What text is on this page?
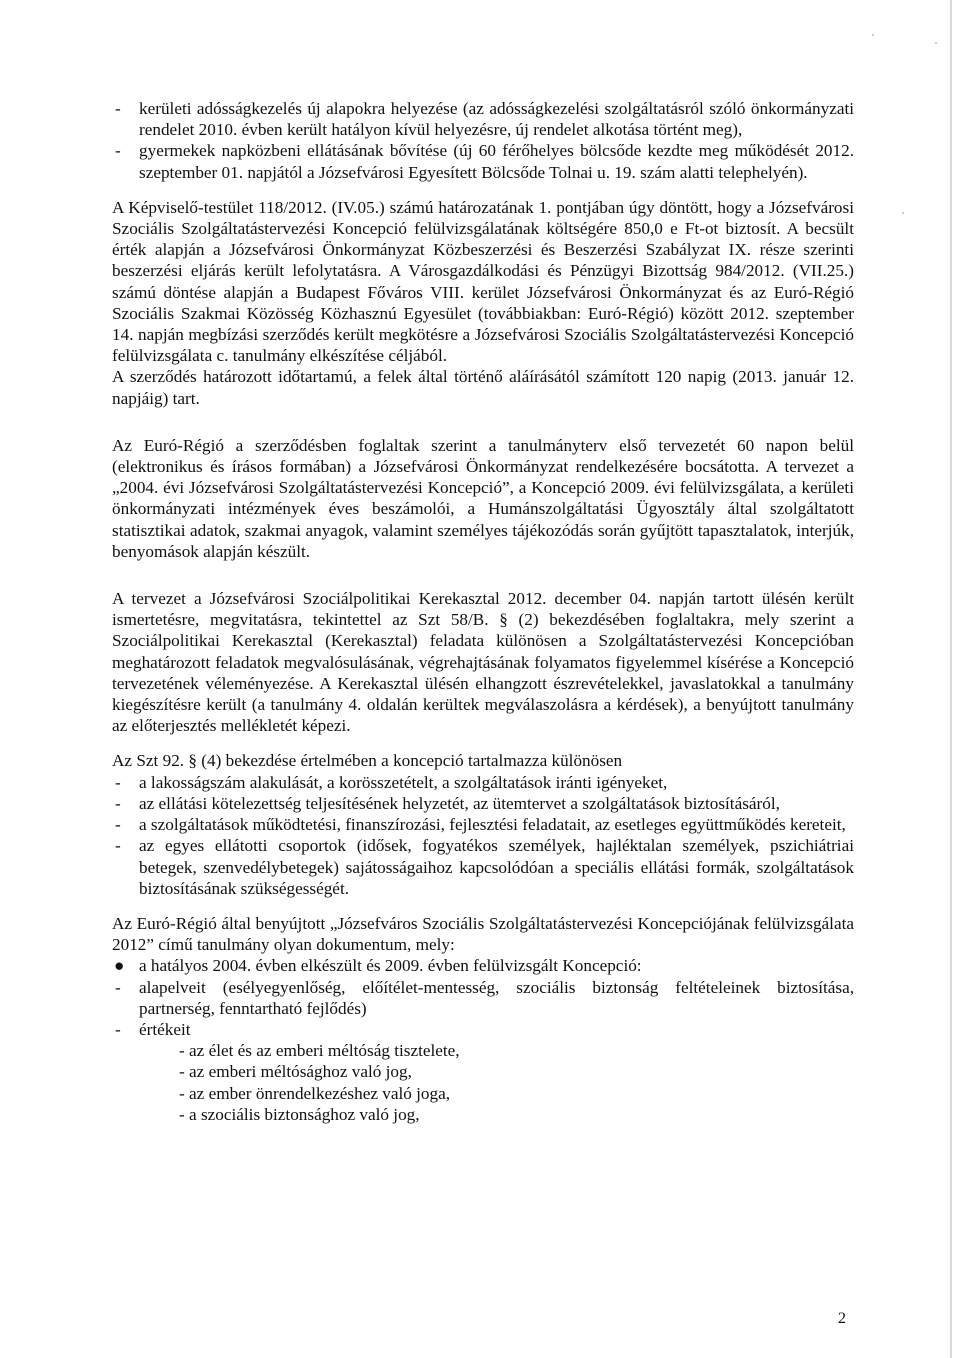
- kerületi adósságkezelés új alapokra helyezése (az adósságkezelési szolgáltatásról szóló önkormányzati rendelet 2010. évben került hatályon kívül helyezésre, új rendelet alkotása történt meg),
- gyermekek napközbeni ellátásának bővítése (új 60 férőhelyes bölcsőde kezdte meg működését 2012. szeptember 01. napjától a Józsefvárosi Egyesített Bölcsőde Tolnai u. 19. szám alatti telephelyén).

A Képviselő-testület 118/2012. (IV.05.) számú határozatának 1. pontjában úgy döntött, hogy a Józsefvárosi Szociális Szolgáltatástervezési Koncepció felülvizsgálatának költségére 850,0 e Ft-ot biztosít. A becsült érték alapján a Józsefvárosi Önkormányzat Közbeszerzési és Beszerzési Szabályzat IX. része szerinti beszerzési eljárás került lefolytatásra. A Városgazdálkodási és Pénzügyi Bizottság 984/2012. (VII.25.) számú döntése alapján a Budapest Főváros VIII. kerület Józsefvárosi Önkormányzat és az Euró-Régió Szociális Szakmai Közösség Közhasznú Egyesület (továbbiakban: Euró-Régió) között 2012. szeptember 14. napján megbízási szerződés került megkötésre a Józsefvárosi Szociális Szolgáltatástervezési Koncepció felülvizsgálata c. tanulmány elkészítése céljából.

A szerződés határozott időtartamú, a felek által történő aláírásától számított 120 napig (2013. január 12. napjáig) tart.

Az Euró-Régió a szerződésben foglaltak szerint a tanulmányterv első tervezetét 60 napon belül (elektronikus és írásos formában) a Józsefvárosi Önkormányzat rendelkezésére bocsátotta. A tervezet a „2004. évi Józsefvárosi Szolgáltatástervezési Koncepció”, a Koncepció 2009. évi felülvizsgálata, a kerületi önkormányzati intézmények éves beszámolói, a Humánszolgáltatási Ügyosztály által szolgáltatott statisztikai adatok, szakmai anyagok, valamint személyes tájékozódás során gyűjtött tapasztalatok, interjúk, benyomások alapján készült.

A tervezet a Józsefvárosi Szociálpolitikai Kerekasztal 2012. december 04. napján tartott ülésén került ismertetésre, megvitatásra, tekintettel az Szt 58/B. § (2) bekezdésében foglaltakra, mely szerint a Szociálpolitikai Kerekasztal (Kerekasztal) feladata különösen a Szolgáltatástervezési Koncepcióban meghatározott feladatok megvalósulásának, végrehajtásának folyamatos figyelemmel kísérése a Koncepció tervezetének véleményezése. A Kerekasztal ülésén elhangzott észrevételekkel, javaslatokkal a tanulmány kiegészítésre került (a tanulmány 4. oldalán kerültek megválaszolásra a kérdések), a benyújtott tanulmány az előterjesztés mellékletét képezi.

Az Szt 92. § (4) bekezdése értelmében a koncepció tartalmazza különösen

- a lakosságszám alakulását, a korösszetételt, a szolgáltatások iránti igényeket,
- az ellátási kötelezettség teljesítésének helyzetét, az ütemtervet a szolgáltatások biztosításáról,
- a szolgáltatások működtetési, finanszírozási, fejlesztési feladatait, az esetleges együttműködés kereteit,
- az egyes ellátotti csoportok (idősek, fogyatékos személyek, hajléktalan személyek, pszichiátriai betegek, szenvedélybetegek) sajátosságaihoz kapcsolódóan a speciális ellátási formák, szolgáltatások biztosításának szükségességét.

Az Euró-Régió által benyújtott „Józsefváros Szociális Szolgáltatástervezési Koncepciójának felülvizsgálata 2012” című tanulmány olyan dokumentum, mely:

● a hatályos 2004. évben elkészült és 2009. évben felülvizsgált Koncepció:
- alapelveit (esélyegyenlőség, előítélet-mentesség, szociális biztonság feltételeinek biztosítása, partnerség, fenntartható fejlődés)
- értékeit
- az élet és az emberi méltóság tisztelete,
- az emberi méltósághoz való jog,
- az ember önrendelkezéshez való joga,
- a szociális biztonsághoz való jog,
2
